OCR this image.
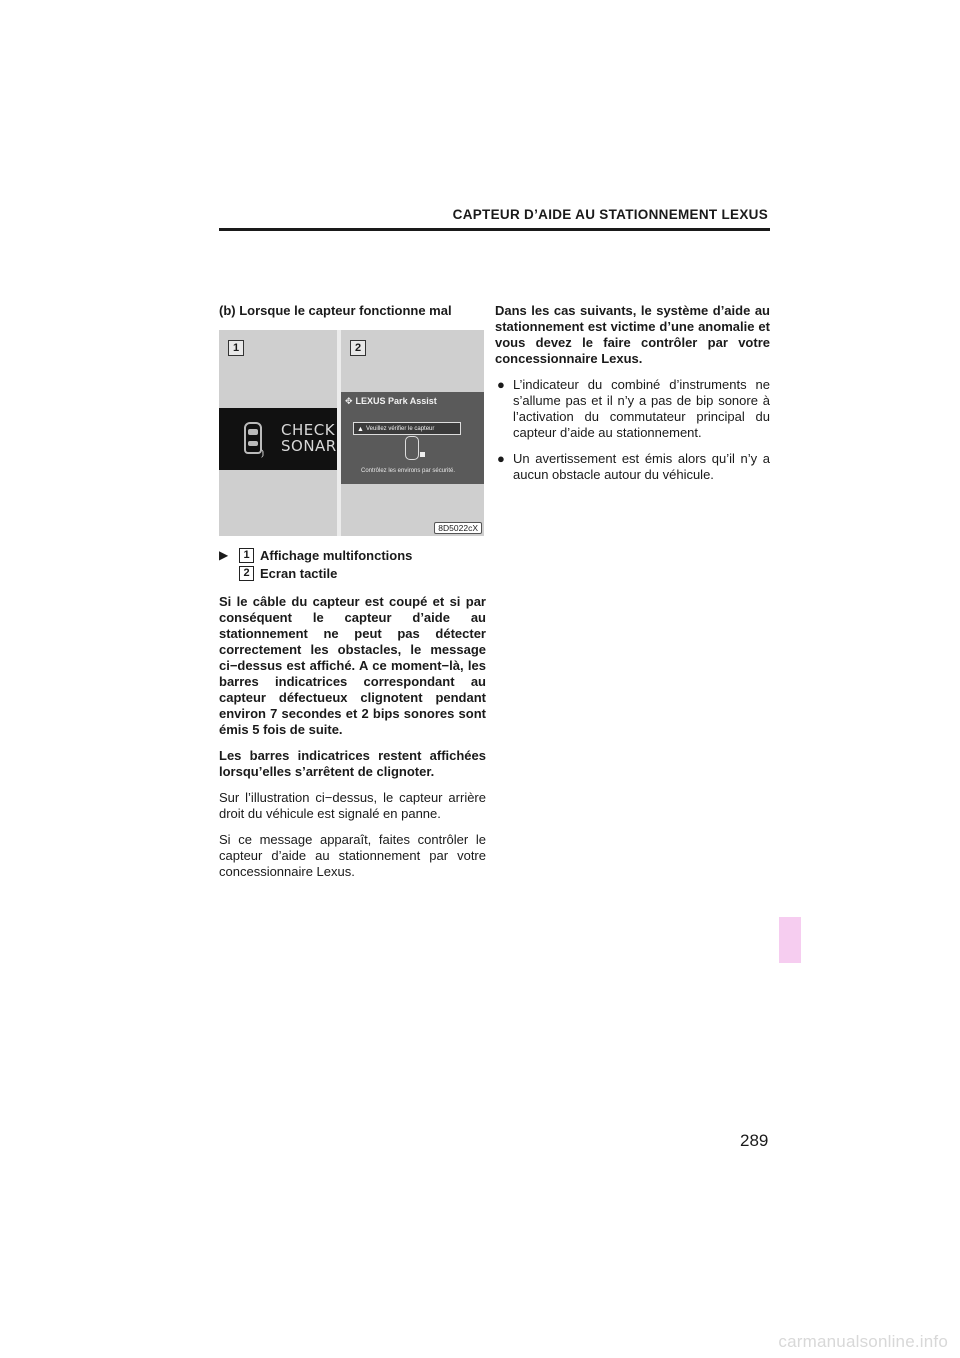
CAPTEUR D’AIDE AU STATIONNEMENT LEXUS
(b) Lorsque le capteur fonctionne mal
1
⦆
CHECK
SONAR
2
✥ LEXUS Park Assist
▲ Veuillez vérifier le capteur
Contrôlez les environs par sécurité.
8D5022cX
▶	1 Affichage multifonctions
2 Ecran tactile

Si le câble du capteur est coupé et si par conséquent le capteur d’aide au stationnement ne peut pas détecter correctement les obstacles, le message ci−dessus est affiché. A ce moment−là, les barres indicatrices correspondant au capteur défectueux clignotent pendant environ 7 secondes et 2 bips sonores sont émis 5 fois de suite.

Les barres indicatrices restent affichées lorsqu’elles s’arrêtent de clignoter.

Sur l’illustration ci−dessus, le capteur arrière droit du véhicule est signalé en panne.

Si ce message apparaît, faites contrôler le capteur d’aide au stationnement par votre concessionnaire Lexus.

Dans les cas suivants, le système d’aide au stationnement est victime d’une anomalie et vous devez le faire contrôler par votre concessionnaire Lexus.

● L’indicateur du combiné d’instruments ne s’allume pas et il n’y a pas de bip sonore à l’activation du commutateur principal du capteur d’aide au stationnement.
● Un avertissement est émis alors qu’il n’y a aucun obstacle autour du véhicule.
289
carmanualsonline.info
